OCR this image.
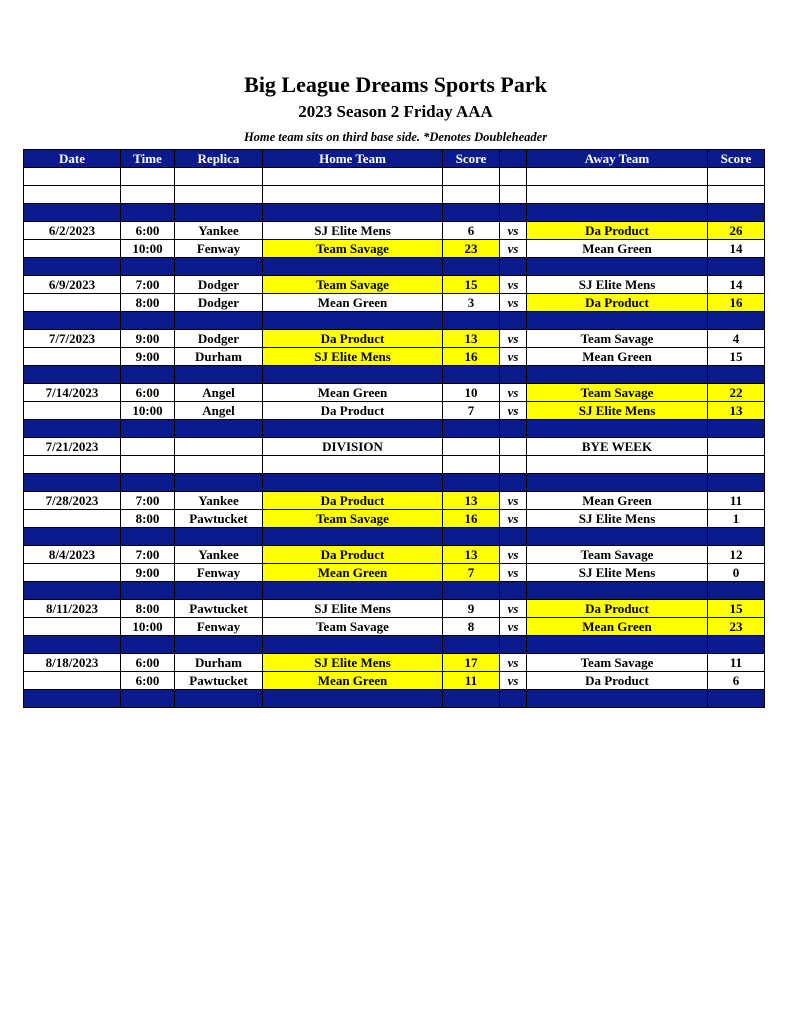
Big League Dreams Sports Park
2023 Season 2 Friday AAA
Home team sits on third base side. *Denotes Doubleheader
Date	Time	Replica	Home Team	Score		Away Team	Score

6/2/2023	6:00	Yankee	SJ Elite Mens	6	vs	Da Product	26
	10:00	Fenway	Team Savage	23	vs	Mean Green	14

6/9/2023	7:00	Dodger	Team Savage	15	vs	SJ Elite Mens	14
	8:00	Dodger	Mean Green	3	vs	Da Product	16

7/7/2023	9:00	Dodger	Da Product	13	vs	Team Savage	4
	9:00	Durham	SJ Elite Mens	16	vs	Mean Green	15

7/14/2023	6:00	Angel	Mean Green	10	vs	Team Savage	22
	10:00	Angel	Da Product	7	vs	SJ Elite Mens	13

7/21/2023			DIVISION			BYE WEEK	

7/28/2023	7:00	Yankee	Da Product	13	vs	Mean Green	11
	8:00	Pawtucket	Team Savage	16	vs	SJ Elite Mens	1

8/4/2023	7:00	Yankee	Da Product	13	vs	Team Savage	12
	9:00	Fenway	Mean Green	7	vs	SJ Elite Mens	0

8/11/2023	8:00	Pawtucket	SJ Elite Mens	9	vs	Da Product	15
	10:00	Fenway	Team Savage	8	vs	Mean Green	23

8/18/2023	6:00	Durham	SJ Elite Mens	17	vs	Team Savage	11
	6:00	Pawtucket	Mean Green	11	vs	Da Product	6
